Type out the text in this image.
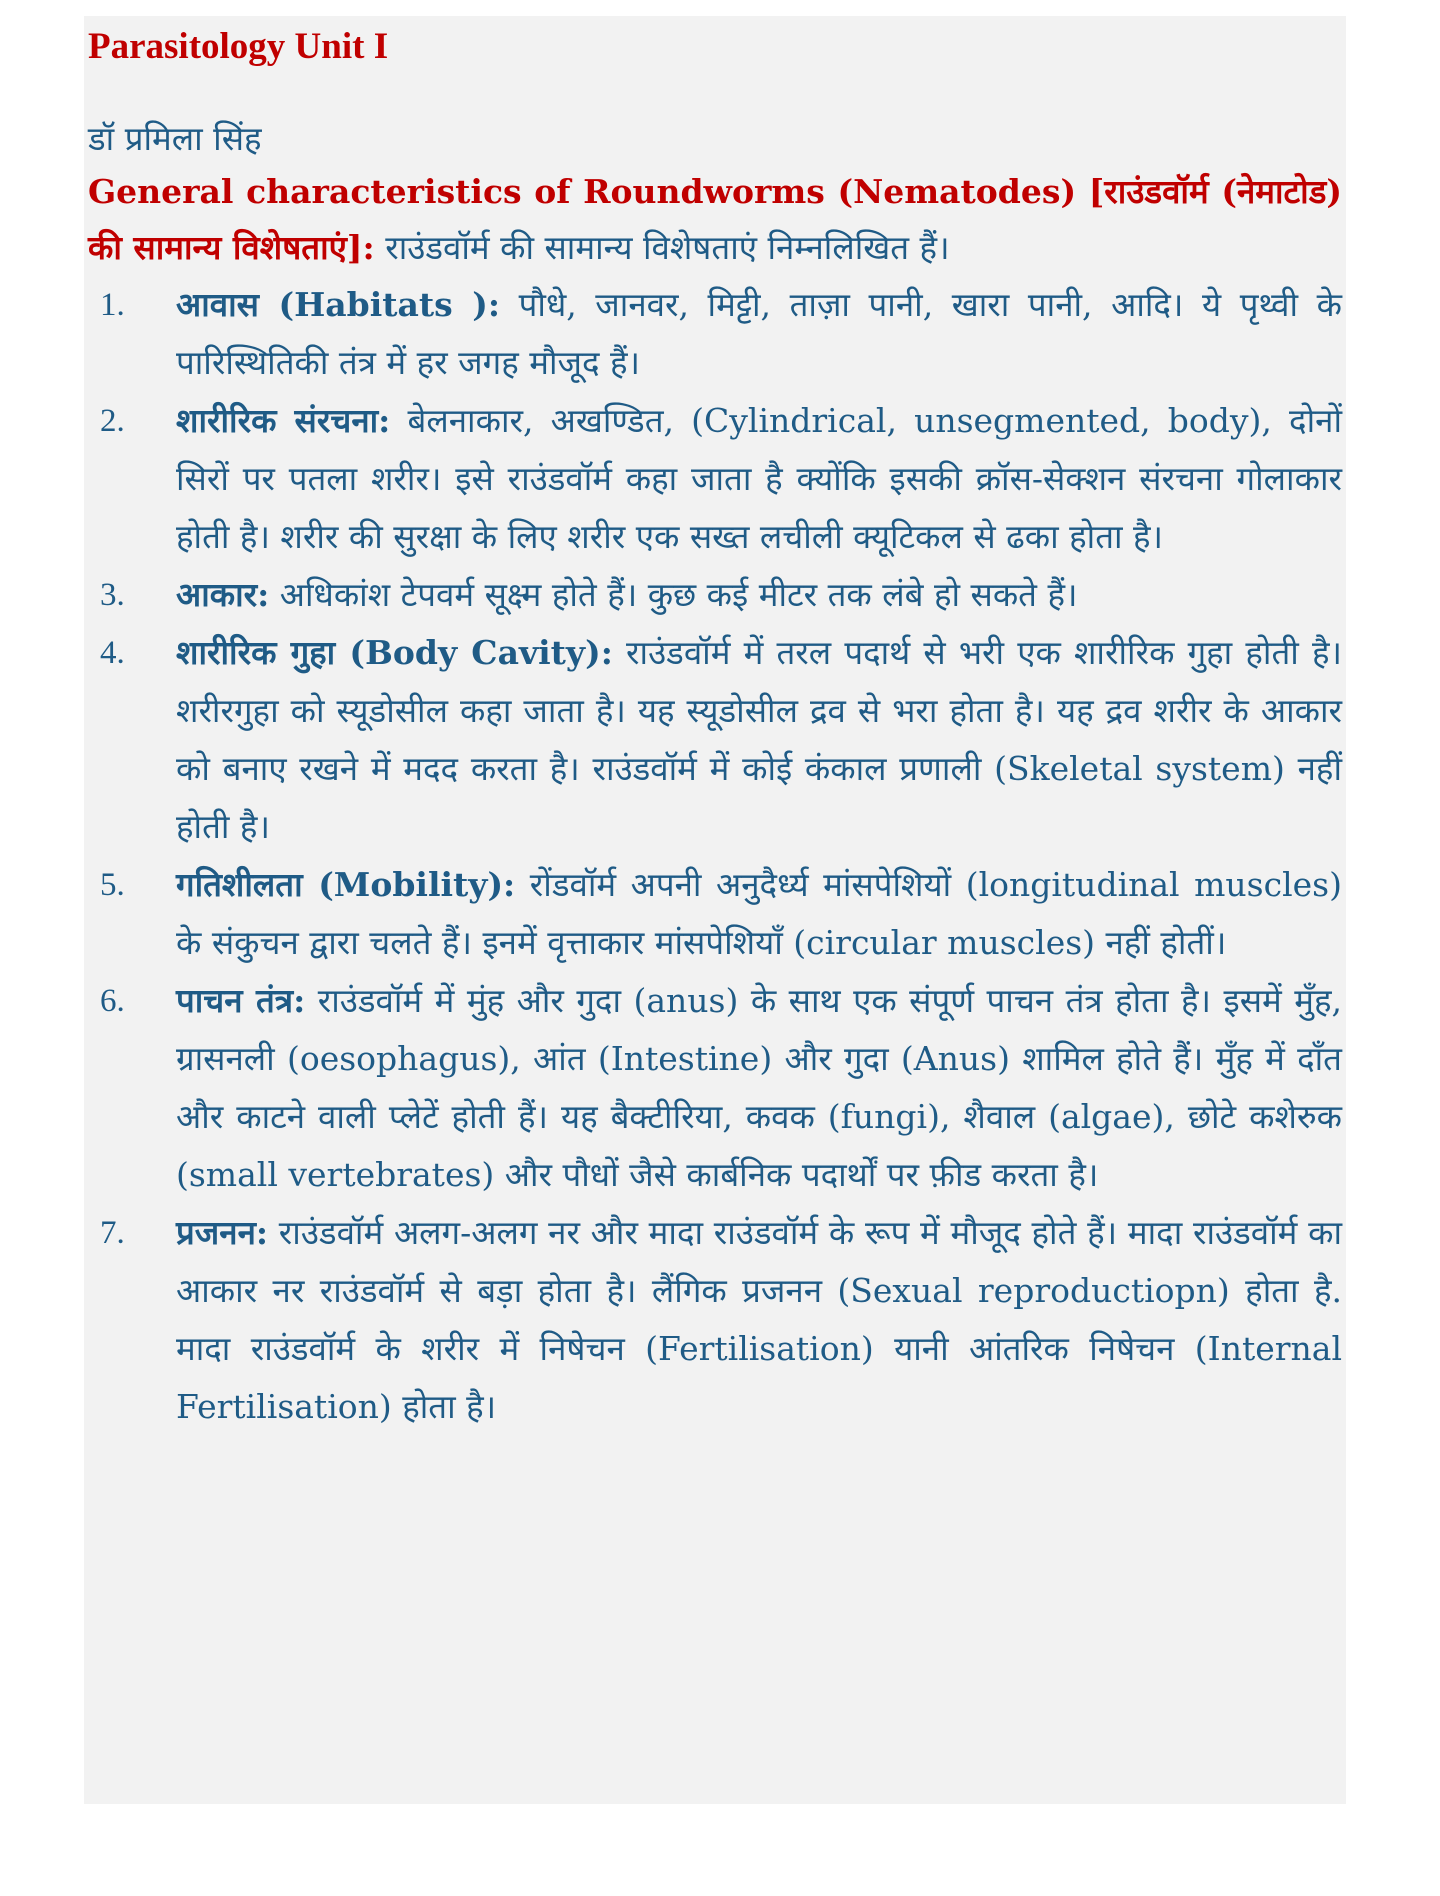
Parasitology Unit I

डॉ प्रमिला सिंह

General characteristics of Roundworms (Nematodes) [राउंडवॉर्म (नेमाटोड) की सामान्य विशेषताएं]: राउंडवॉर्म की सामान्य विशेषताएं निम्नलिखित हैं।

1.	आवास (Habitats ): पौधे, जानवर, मिट्टी, ताज़ा पानी, खारा पानी, आदि। ये पृथ्वी के पारिस्थितिकी तंत्र में हर जगह मौजूद हैं।
2.	शारीरिक संरचना: बेलनाकार, अखण्डित, (Cylindrical, unsegmented, body), दोनों सिरों पर पतला शरीर। इसे राउंडवॉर्म कहा जाता है क्योंकि इसकी क्रॉस-सेक्शन संरचना गोलाकार होती है। शरीर की सुरक्षा के लिए शरीर एक सख्त लचीली क्यूटिकल से ढका होता है।
3.	आकार: अधिकांश टेपवर्म सूक्ष्म होते हैं। कुछ कई मीटर तक लंबे हो सकते हैं।
4.	शारीरिक गुहा (Body Cavity): राउंडवॉर्म में तरल पदार्थ से भरी एक शारीरिक गुहा होती है। शरीरगुहा को स्यूडोसील कहा जाता है। यह स्यूडोसील द्रव से भरा होता है। यह द्रव शरीर के आकार को बनाए रखने में मदद करता है। राउंडवॉर्म में कोई कंकाल प्रणाली (Skeletal system) नहीं होती है।
5.	गतिशीलता (Mobility): रोंडवॉर्म अपनी अनुदैर्ध्य मांसपेशियों (longitudinal muscles) के संकुचन द्वारा चलते हैं। इनमें वृत्ताकार मांसपेशियाँ (circular muscles) नहीं होतीं।
6.	पाचन तंत्र: राउंडवॉर्म में मुंह और गुदा (anus) के साथ एक संपूर्ण पाचन तंत्र होता है। इसमें मुँह, ग्रासनली (oesophagus), आंत (Intestine) और गुदा (Anus) शामिल होते हैं। मुँह में दाँत और काटने वाली प्लेटें होती हैं। यह बैक्टीरिया, कवक (fungi), शैवाल (algae), छोटे कशेरुक (small vertebrates) और पौधों जैसे कार्बनिक पदार्थों पर फ़ीड करता है।
7.	प्रजनन: राउंडवॉर्म अलग-अलग नर और मादा राउंडवॉर्म के रूप में मौजूद होते हैं। मादा राउंडवॉर्म का आकार नर राउंडवॉर्म से बड़ा होता है। लैंगिक प्रजनन (Sexual reproductiopn) होता है. मादा राउंडवॉर्म के शरीर में निषेचन (Fertilisation) यानी आंतरिक निषेचन (Internal Fertilisation) होता है।
